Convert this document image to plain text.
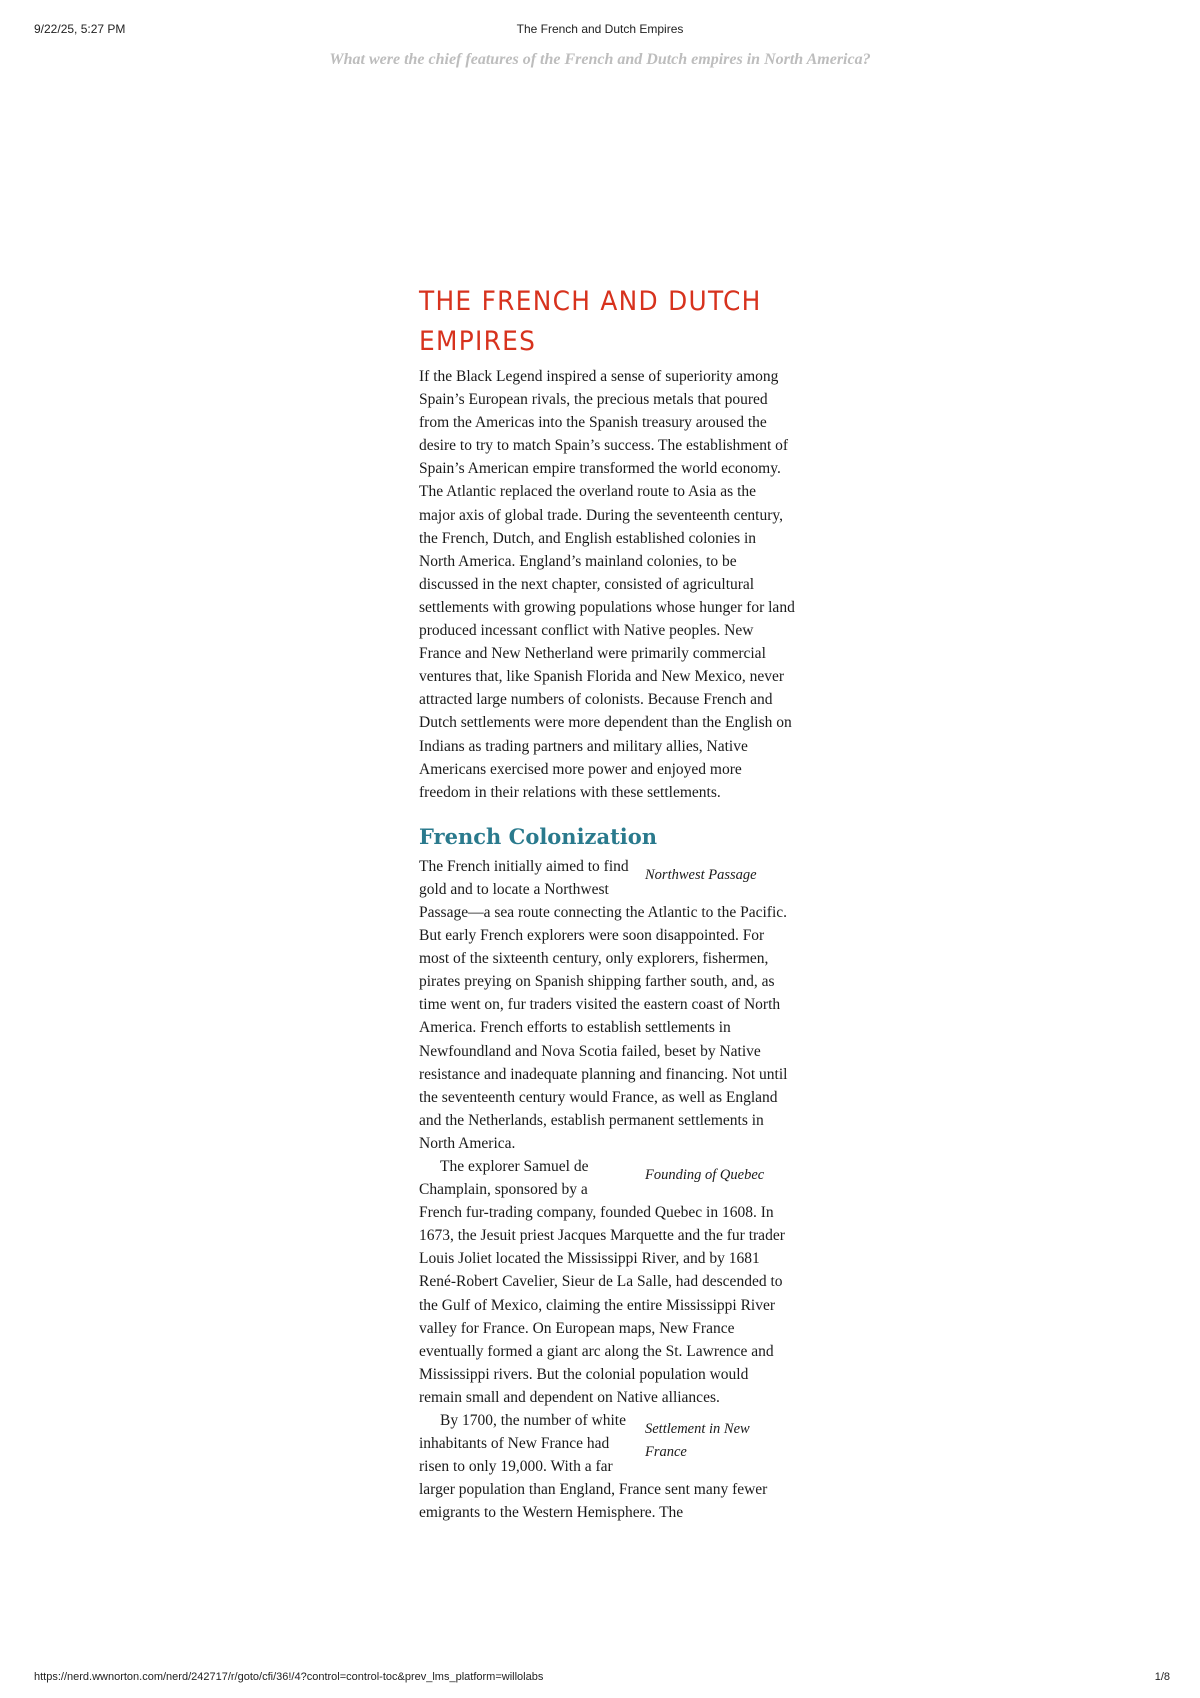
9/22/25, 5:27 PM	The French and Dutch Empires
What were the chief features of the French and Dutch empires in North America?
THE FRENCH AND DUTCH
EMPIRES

If the Black Legend inspired a sense of superiority among Spain’s European rivals, the precious metals that poured from the Americas into the Spanish treasury aroused the desire to try to match Spain’s success. The establishment of Spain’s American empire transformed the world economy. The Atlantic replaced the overland route to Asia as the major axis of global trade. During the seventeenth century, the French, Dutch, and English established colonies in North America. England’s mainland colonies, to be discussed in the next chapter, consisted of agricultural settlements with growing populations whose hunger for land produced incessant conflict with Native peoples. New France and New Netherland were primarily commercial ventures that, like Spanish Florida and New Mexico, never attracted large numbers of colonists. Because French and Dutch settlements were more dependent than the English on Indians as trading partners and military allies, Native Americans exercised more power and enjoyed more freedom in their relations with these settlements.

French Colonization
Northwest Passage

The French initially aimed to find gold and to locate a Northwest Passage—a sea route connecting the Atlantic to the Pacific. But early French explorers were soon disappointed. For most of the sixteenth century, only explorers, fishermen, pirates preying on Spanish shipping farther south, and, as time went on, fur traders visited the eastern coast of North America. French efforts to establish settlements in Newfoundland and Nova Scotia failed, beset by Native resistance and inadequate planning and financing. Not until the seventeenth century would France, as well as England and the Netherlands, establish permanent settlements in North America.

Founding of Quebec

The explorer Samuel de Champlain, sponsored by a French fur-trading company, founded Quebec in 1608. In 1673, the Jesuit priest Jacques Marquette and the fur trader Louis Joliet located the Mississippi River, and by 1681 René-Robert Cavelier, Sieur de La Salle, had descended to the Gulf of Mexico, claiming the entire Mississippi River valley for France. On European maps, New France eventually formed a giant arc along the St. Lawrence and Mississippi rivers. But the colonial population would remain small and dependent on Native alliances.

Settlement in New France

By 1700, the number of white inhabitants of New France had risen to only 19,000. With a far larger population than England, France sent many fewer emigrants to the Western Hemisphere. The

https://nerd.wwnorton.com/nerd/242717/r/goto/cfi/36!/4?control=control-toc&prev_lms_platform=willolabs	1/8
